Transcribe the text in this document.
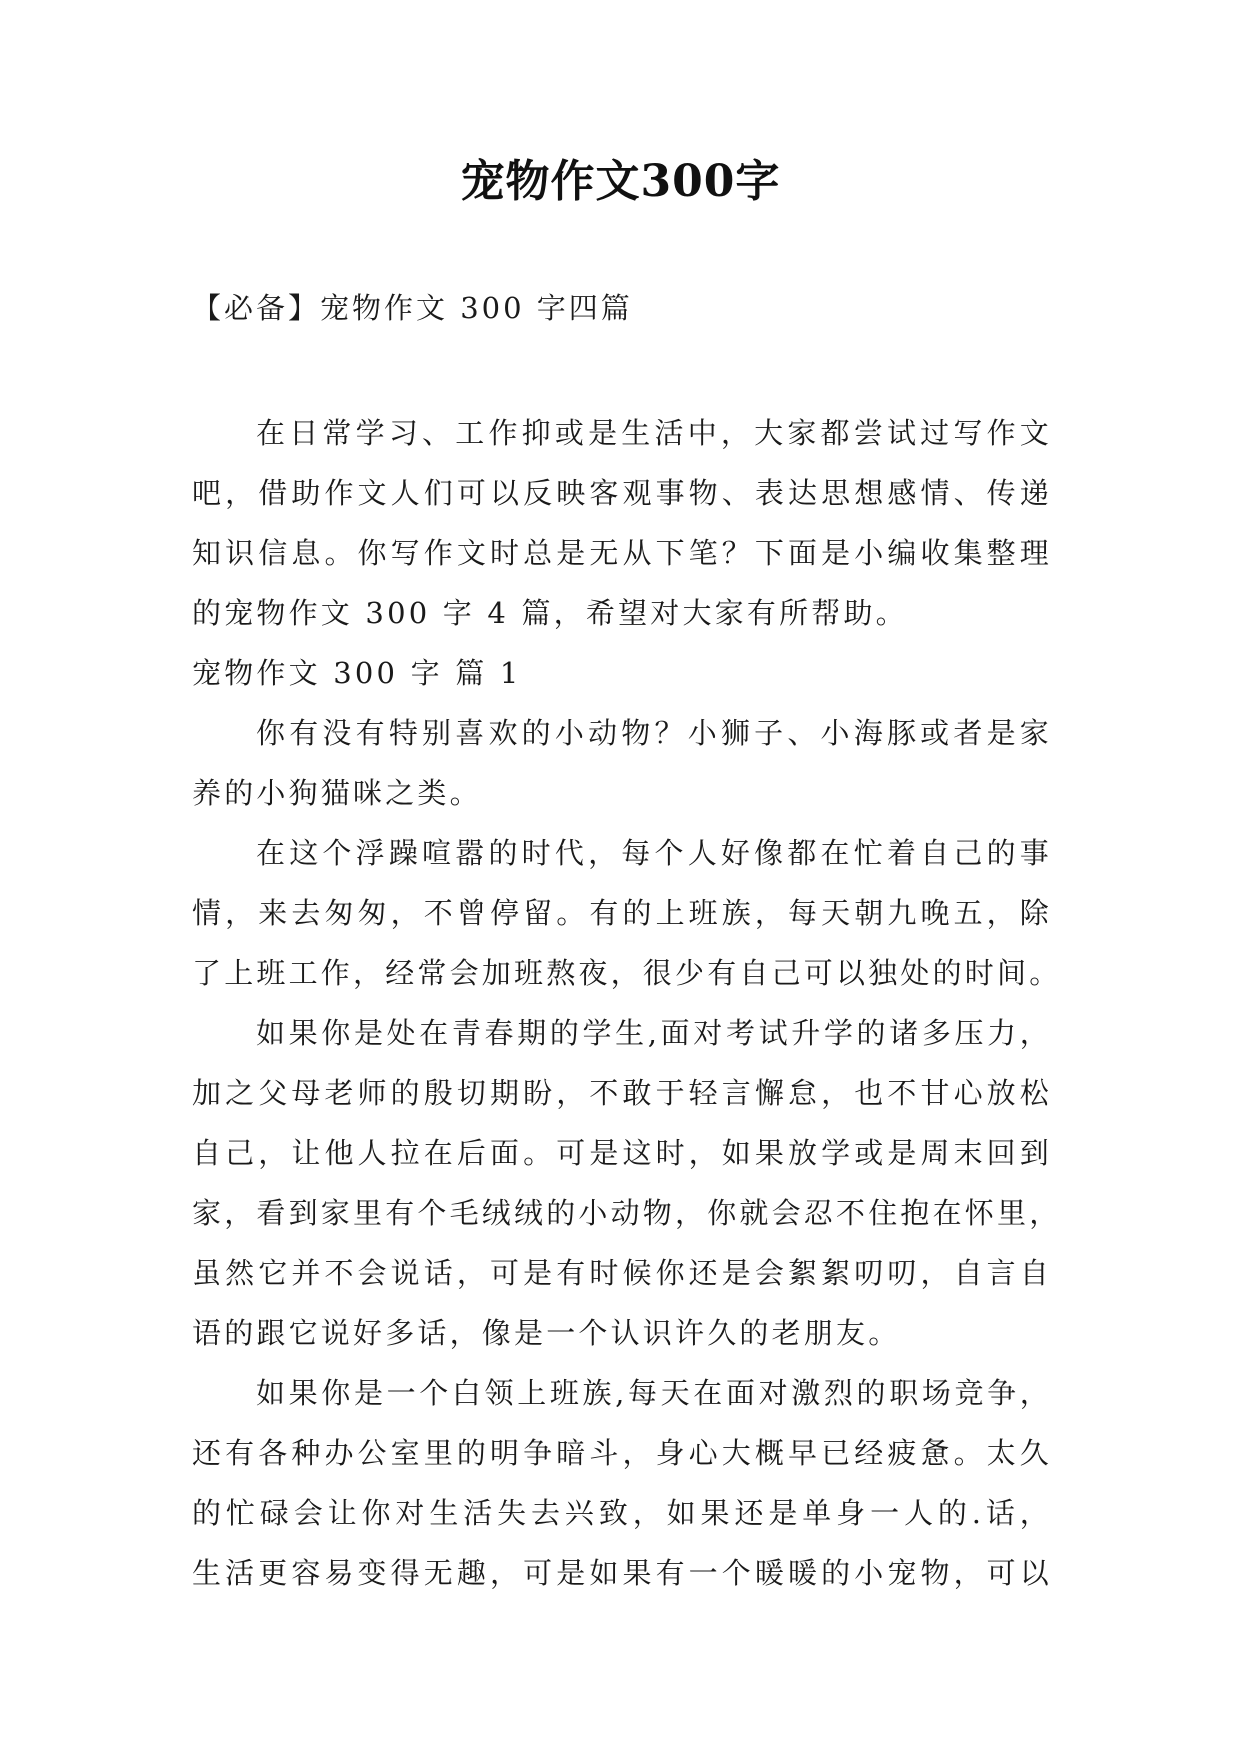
宠物作文300字
【必备】宠物作文 300 字四篇
在日常学习、工作抑或是生活中，大家都尝试过写作文
吧，借助作文人们可以反映客观事物、表达思想感情、传递
知识信息。你写作文时总是无从下笔？下面是小编收集整理
的宠物作文 300 字 4 篇，希望对大家有所帮助。
宠物作文 300 字 篇 1
你有没有特别喜欢的小动物？小狮子、小海豚或者是家
养的小狗猫咪之类。
在这个浮躁喧嚣的时代，每个人好像都在忙着自己的事
情，来去匆匆，不曾停留。有的上班族，每天朝九晚五，除
了上班工作，经常会加班熬夜，很少有自己可以独处的时间。
如果你是处在青春期的学生,面对考试升学的诸多压力，
加之父母老师的殷切期盼，不敢于轻言懈怠，也不甘心放松
自己，让他人拉在后面。可是这时，如果放学或是周末回到
家，看到家里有个毛绒绒的小动物，你就会忍不住抱在怀里，
虽然它并不会说话，可是有时候你还是会絮絮叨叨，自言自
语的跟它说好多话，像是一个认识许久的老朋友。
如果你是一个白领上班族,每天在面对激烈的职场竞争，
还有各种办公室里的明争暗斗，身心大概早已经疲惫。太久
的忙碌会让你对生活失去兴致，如果还是单身一人的.话，
生活更容易变得无趣，可是如果有一个暖暖的小宠物，可以
